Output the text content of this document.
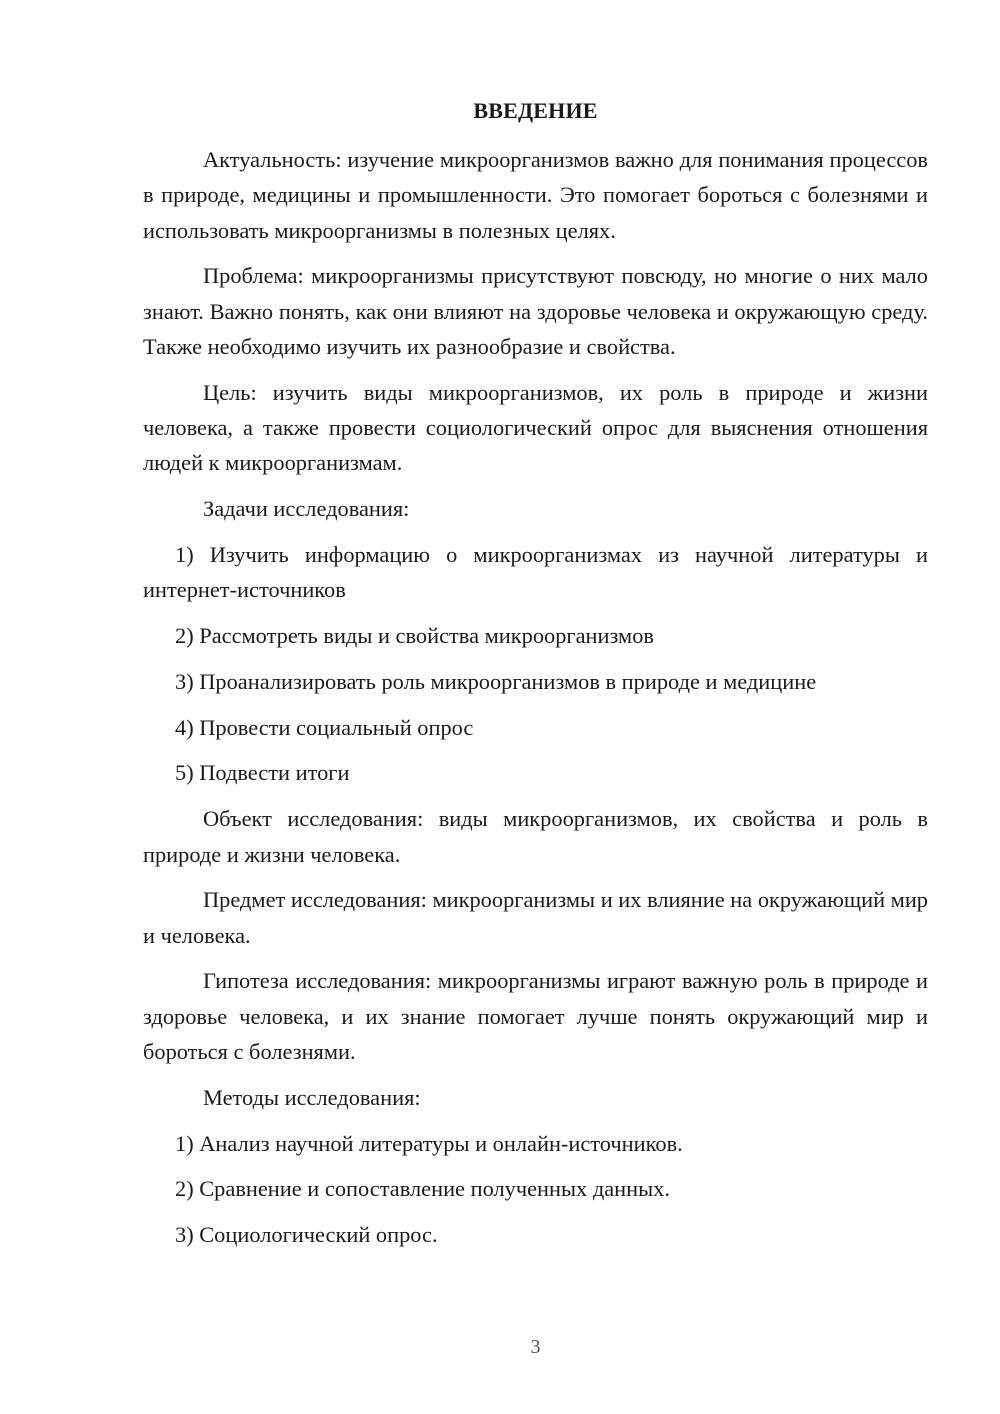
ВВЕДЕНИЕ

Актуальность: изучение микроорганизмов важно для понимания процессов в природе, медицины и промышленности. Это помогает бороться с болезнями и использовать микроорганизмы в полезных целях.

Проблема: микроорганизмы присутствуют повсюду, но многие о них мало знают. Важно понять, как они влияют на здоровье человека и окружающую среду. Также необходимо изучить их разнообразие и свойства.

Цель: изучить виды микроорганизмов, их роль в природе и жизни человека, а также провести социологический опрос для выяснения отношения людей к микроорганизмам.

Задачи исследования:

1) Изучить информацию о микроорганизмах из научной литературы и интернет-источников

2) Рассмотреть виды и свойства микроорганизмов

3) Проанализировать роль микроорганизмов в природе и медицине

4) Провести социальный опрос

5) Подвести итоги

Объект исследования: виды микроорганизмов, их свойства и роль в природе и жизни человека.

Предмет исследования: микроорганизмы и их влияние на окружающий мир и человека.

Гипотеза исследования: микроорганизмы играют важную роль в природе и здоровье человека, и их знание помогает лучше понять окружающий мир и бороться с болезнями.

Методы исследования:

1) Анализ научной литературы и онлайн-источников.

2) Сравнение и сопоставление полученных данных.

3) Социологический опрос.

3
